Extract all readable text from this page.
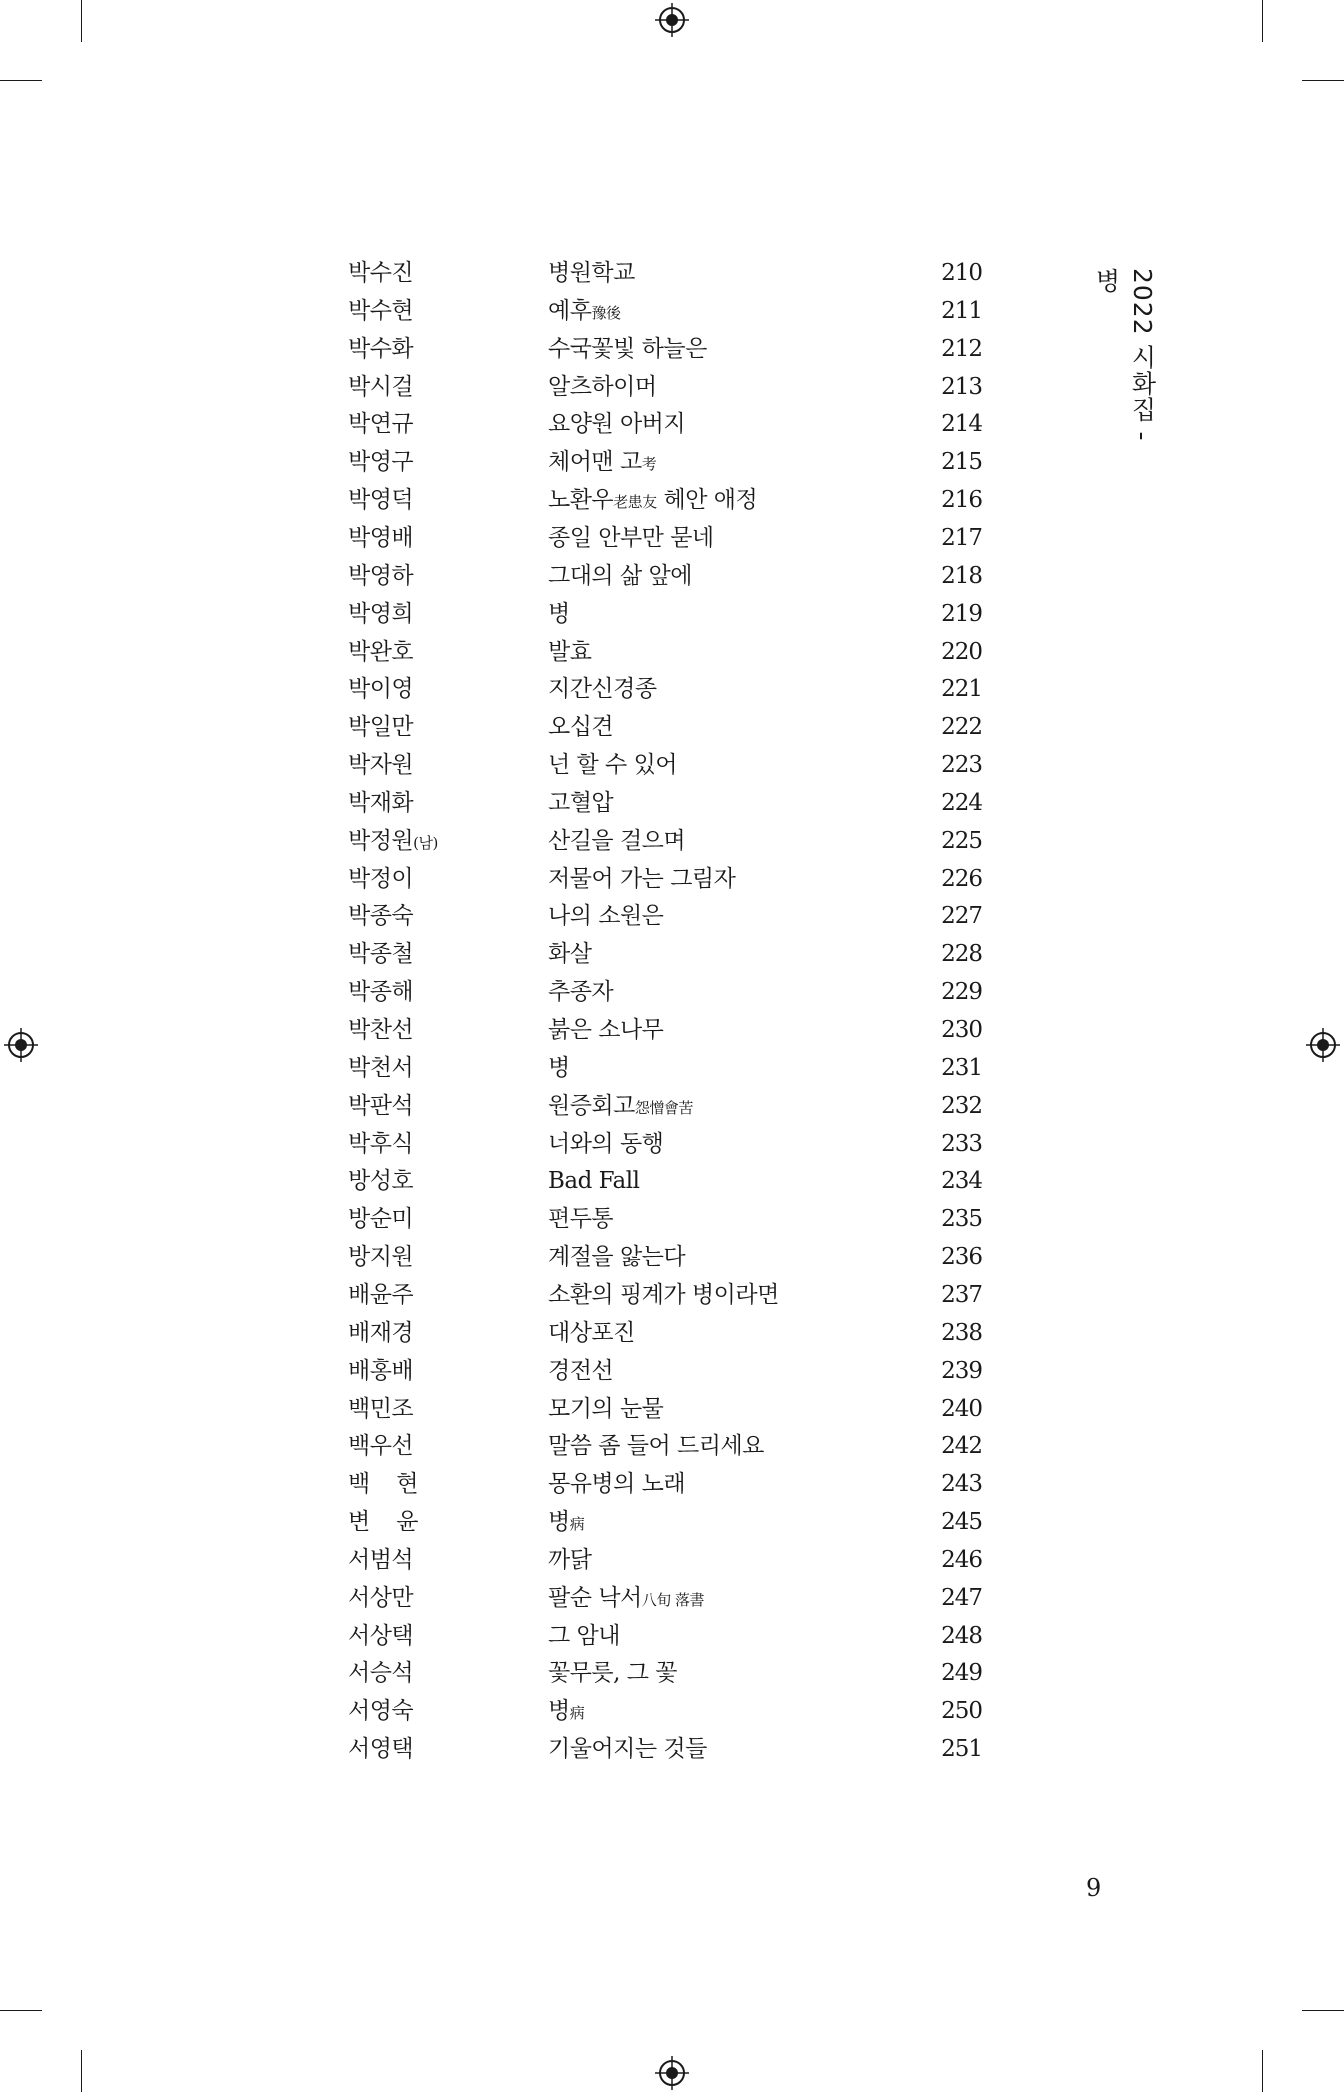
2022 시화집 - 병
박수진	병원학교	210
박수현	예후豫後	211
박수화	수국꽃빛 하늘은	212
박시걸	알츠하이머	213
박연규	요양원 아버지	214
박영구	체어맨 고考	215
박영덕	노환우老患友 헤안 애정	216
박영배	종일 안부만 묻네	217
박영하	그대의 삶 앞에	218
박영희	병	219
박완호	발효	220
박이영	지간신경종	221
박일만	오십견	222
박자원	넌 할 수 있어	223
박재화	고혈압	224
박정원(남)	산길을 걸으며	225
박정이	저물어 가는 그림자	226
박종숙	나의 소원은	227
박종철	화살	228
박종해	추종자	229
박찬선	붉은 소나무	230
박천서	병	231
박판석	원증회고怨憎會苦	232
박후식	너와의 동행	233
방성호	Bad Fall	234
방순미	편두통	235
방지원	계절을 앓는다	236
배윤주	소환의 핑계가 병이라면	237
배재경	대상포진	238
배홍배	경전선	239
백민조	모기의 눈물	240
백우선	말씀 좀 들어 드리세요	242
백현	몽유병의 노래	243
변윤	병病	245
서범석	까닭	246
서상만	팔순 낙서八旬 落書	247
서상택	그 암내	248
서승석	꽃무릇, 그 꽃	249
서영숙	병病	250
서영택	기울어지는 것들	251
9
